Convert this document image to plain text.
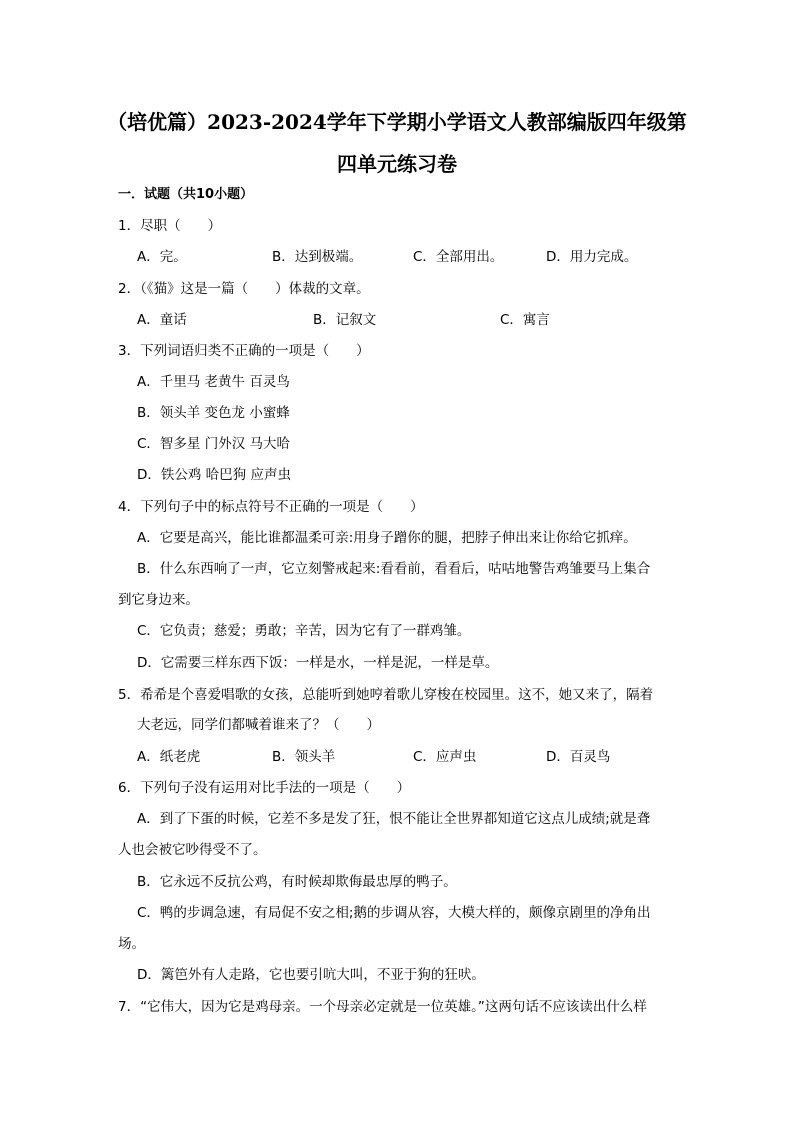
（培优篇）2023-2024学年下学期小学语文人教部编版四年级第
四单元练习卷
一．试题（共10小题）
1．尽职（　　）
A．完。	B．达到极端。	C．全部用出。	D．用力完成。
2．（《猫》这是一篇（　　）体裁的文章。
A．童话	B．记叙文	C．寓言
3．下列词语归类不正确的一项是（　　）
A．千里马 老黄牛 百灵鸟
B．领头羊 变色龙 小蜜蜂
C．智多星 门外汉 马大哈
D．铁公鸡 哈巴狗 应声虫
4．下列句子中的标点符号不正确的一项是（　　）
A．它要是高兴，能比谁都温柔可亲:用身子蹭你的腿，把脖子伸出来让你给它抓痒。
B．什么东西响了一声，它立刻警戒起来:看看前，看看后，咕咕地警告鸡雏要马上集合
到它身边来。
C．它负责；慈爱；勇敢；辛苦，因为它有了一群鸡雏。
D．它需要三样东西下饭：一样是水，一样是泥，一样是草。
5．希希是个喜爱唱歌的女孩，总能听到她哼着歌儿穿梭在校园里。这不，她又来了，隔着
大老远，同学们都喊着谁来了？（　　）
A．纸老虎	B．领头羊	C．应声虫	D．百灵鸟
6．下列句子没有运用对比手法的一项是（　　）
A．到了下蛋的时候，它差不多是发了狂，恨不能让全世界都知道它这点儿成绩;就是聋
人也会被它吵得受不了。
B．它永远不反抗公鸡，有时候却欺侮最忠厚的鸭子。
C．鸭的步调急速，有局促不安之相;鹅的步调从容，大模大样的，颇像京剧里的净角出
场。
D．篱笆外有人走路，它也要引吭大叫，不亚于狗的狂吠。
7．“它伟大，因为它是鸡母亲。一个母亲必定就是一位英雄。”这两句话不应该读出什么样
